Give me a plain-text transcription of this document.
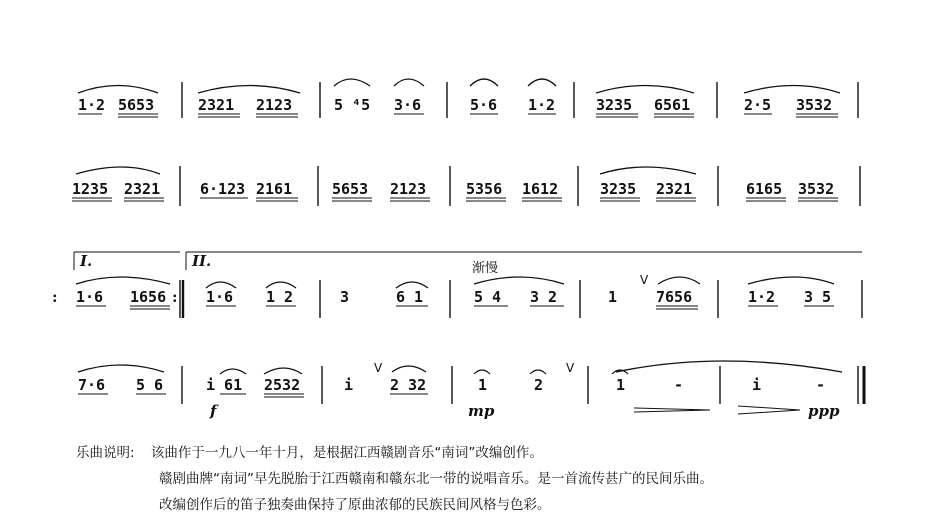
1·2 5653	2321 2123	5 ⁴5 3·6	5·6 1·2	3235 6561	2·5 3532
1235 2321	6·123 2161	5653 2123	5356 1612	3235 2321	6165 3532
I.	II.	渐慢
: 1·6 1656 : 1·6 1 2	3	6 1	5 4 3 2
V
1	7656	1·2 3 5
7·6 5 6	i 61 2532
f
V
i 2 32
V
1	2
mp
1	-	i	-
ppp
乐曲说明: 该曲作于一九八一年十月，是根据江西赣剧音乐“南词”改编创作。
赣剧曲牌“南词”早先脱胎于江西赣南和赣东北一带的说唱音乐。是一首流传甚广的民间乐曲。
改编创作后的笛子独奏曲保持了原曲浓郁的民族民间风格与色彩。
